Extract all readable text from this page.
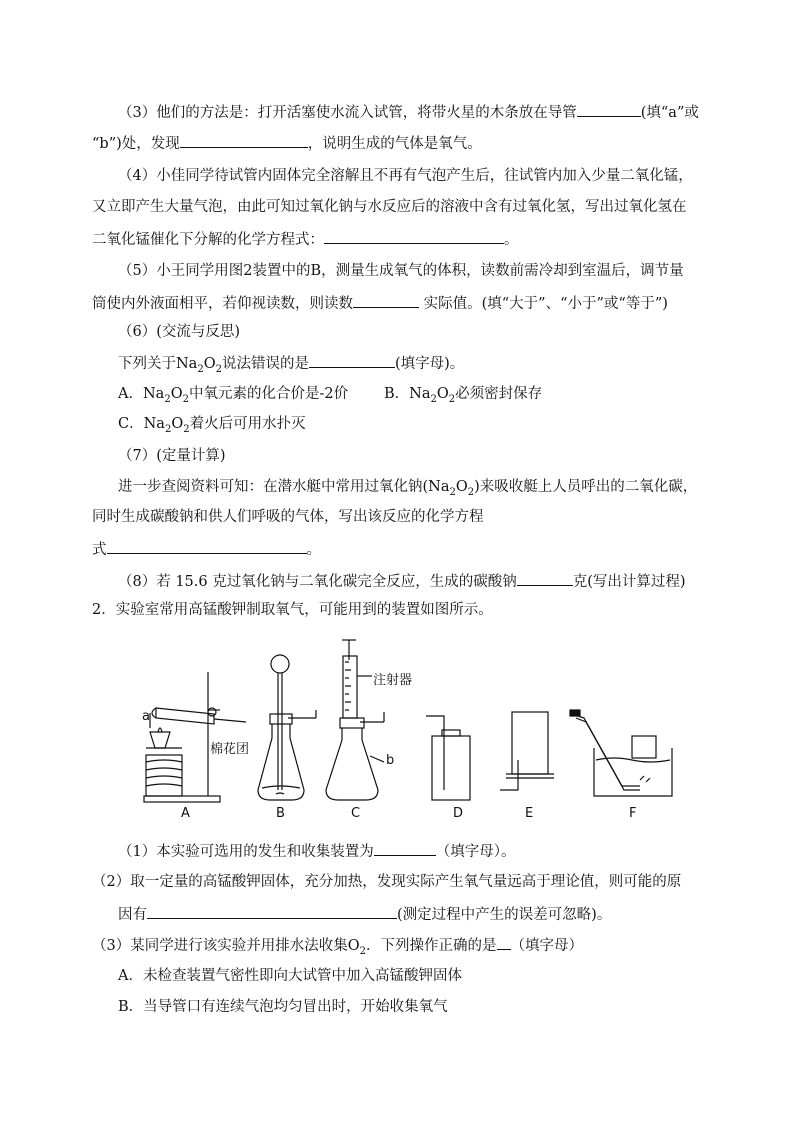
（3）他们的方法是：打开活塞使水流入试管，将带火星的木条放在导管	(填“a”或
“b”)处，发现	，说明生成的气体是氧气。
（4）小佳同学待试管内固体完全溶解且不再有气泡产生后，往试管内加入少量二氧化锰，
又立即产生大量气泡，由此可知过氧化钠与水反应后的溶液中含有过氧化氢，写出过氧化氢在
二氧化锰催化下分解的化学方程式：	。
（5）小王同学用图2装置中的B，测量生成氧气的体积，读数前需冷却到室温后，调节量
筒使内外液面相平，若仰视读数，则读数	实际值。(填“大于”、“小于”或“等于”)
（6）(交流与反思)
下列关于$Na_2O_2$说法错误的是	(填字母)。
A．$Na_2O_2$中氧元素的化合价是-2价 B．$Na_2O_2$必须密封保存
C．$Na_2O_2$着火后可用水扑灭
（7）(定量计算)
进一步查阅资料可知：在潜水艇中常用过氧化钠$(Na_2O_2)$来吸收艇上人员呼出的二氧化碳，
同时生成碳酸钠和供人们呼吸的气体，写出该反应的化学方程
式	。
（8）若 15.6 克过氧化钠与二氧化碳完全反应，生成的碳酸钠	克(写出计算过程)
2．实验室常用高锰酸钾制取氧气，可能用到的装置如图所示。
a
注射器
棉花团
b
A	B	C	D	E	F
（1）本实验可选用的发生和收集装置为	（填字母）。
（2）取一定量的高锰酸钾固体，充分加热，发现实际产生氧气量远高于理论值，则可能的原
因有	(测定过程中产生的误差可忽略)。
（3）某同学进行该实验并用排水法收集$O_2$．下列操作正确的是 （填字母）
A．未检查装置气密性即向大试管中加入高锰酸钾固体
B．当导管口有连续气泡均匀冒出时，开始收集氧气
